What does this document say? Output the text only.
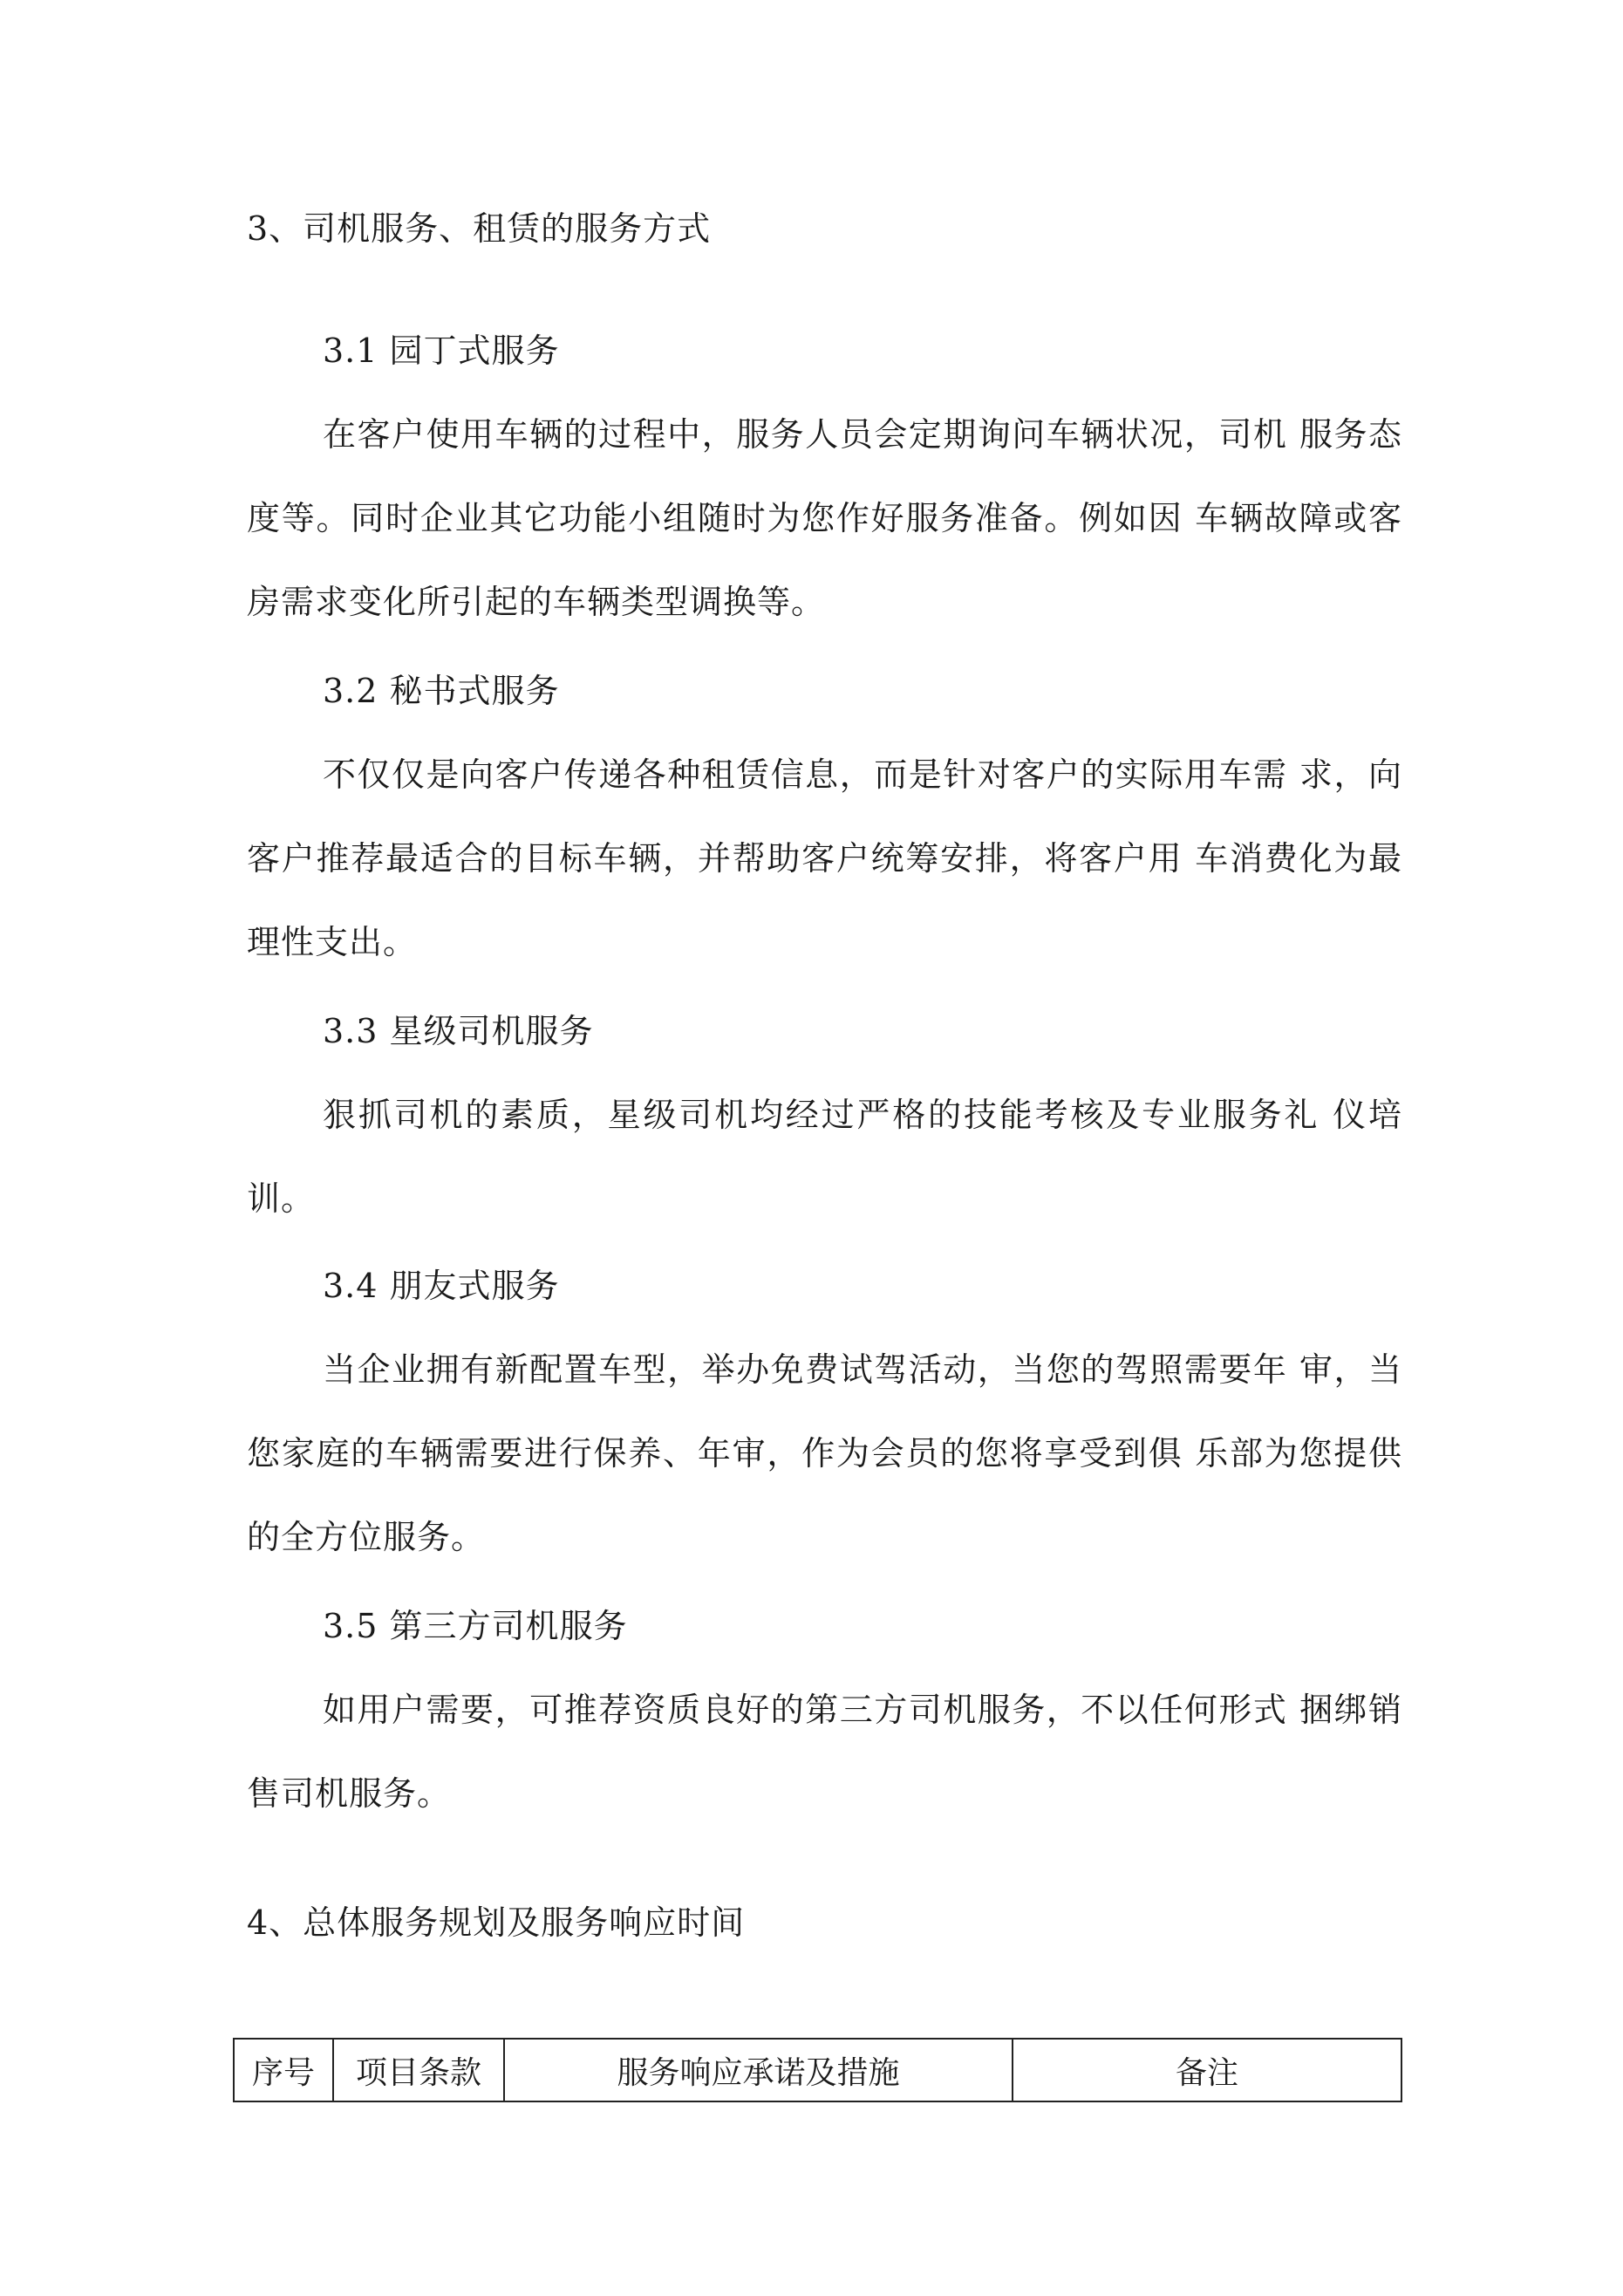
3、司机服务、租赁的服务方式
3.1 园丁式服务
在客户使用车辆的过程中，服务人员会定期询问车辆状况，司机 服务态度等。同时企业其它功能小组随时为您作好服务准备。例如因 车辆故障或客房需求变化所引起的车辆类型调换等。
3.2 秘书式服务
不仅仅是向客户传递各种租赁信息，而是针对客户的实际用车需 求，向客户推荐最适合的目标车辆，并帮助客户统筹安排，将客户用 车消费化为最理性支出。
3.3 星级司机服务
狠抓司机的素质，星级司机均经过严格的技能考核及专业服务礼 仪培训。
3.4 朋友式服务
当企业拥有新配置车型，举办免费试驾活动，当您的驾照需要年 审，当您家庭的车辆需要进行保养、年审，作为会员的您将享受到俱 乐部为您提供的全方位服务。
3.5 第三方司机服务
如用户需要，可推荐资质良好的第三方司机服务，不以任何形式 捆绑销售司机服务。
4、总体服务规划及服务响应时间
序号	项目条款	服务响应承诺及措施	备注
